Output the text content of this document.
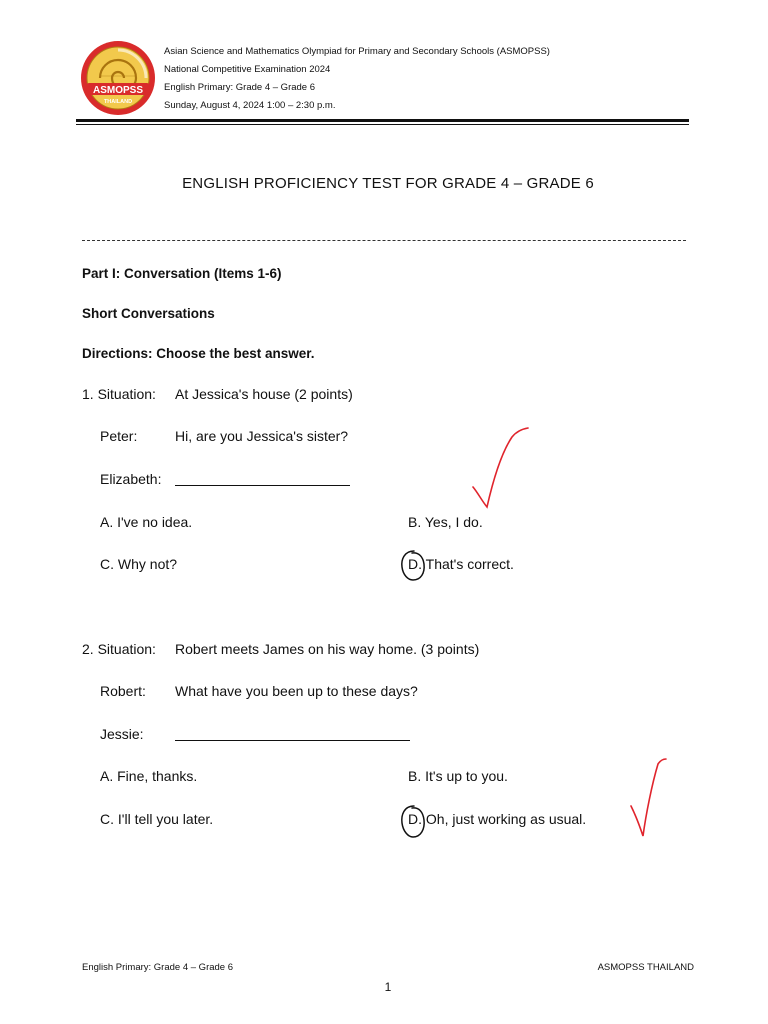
ASMOPSS
THAILAND
Asian Science and Mathematics Olympiad for Primary and Secondary Schools (ASMOPSS)
National Competitive Examination 2024
English Primary: Grade 4 – Grade 6
Sunday, August 4, 2024 1:00 – 2:30 p.m.
ENGLISH PROFICIENCY TEST FOR GRADE 4 – GRADE 6
Part I: Conversation (Items 1-6)
Short Conversations
Directions: Choose the best answer.
1. Situation: At Jessica's house (2 points)
Peter:	Hi, are you Jessica's sister?
Elizabeth:
A. I've no idea.	B. Yes, I do.
C. Why not?	D. That's correct.
2. Situation: Robert meets James on his way home. (3 points)
Robert: What have you been up to these days?
Jessie:
A. Fine, thanks.	B. It's up to you.
C. I'll tell you later.	D. Oh, just working as usual.
English Primary: Grade 4 – Grade 6	ASMOPSS THAILAND
1
